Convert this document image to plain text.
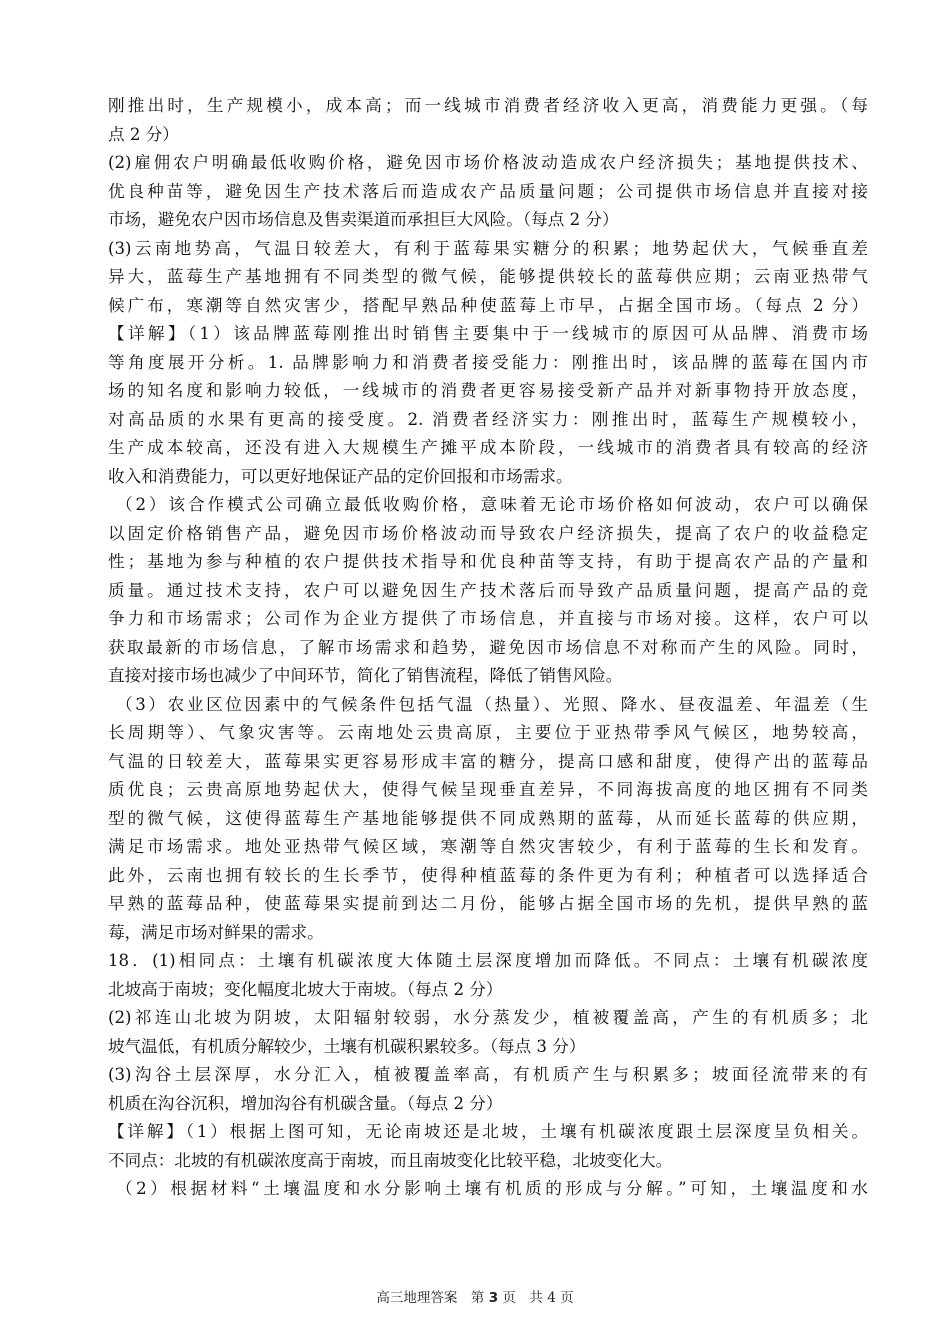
刚推出时，生产规模小，成本高；而一线城市消费者经济收入更高，消费能力更强。（每
点 2 分）
(2)雇佣农户明确最低收购价格，避免因市场价格波动造成农户经济损失；基地提供技术、
优良种苗等，避免因生产技术落后而造成农产品质量问题；公司提供市场信息并直接对接
市场，避免农户因市场信息及售卖渠道而承担巨大风险。（每点 2 分）
(3)云南地势高，气温日较差大，有利于蓝莓果实糖分的积累；地势起伏大，气候垂直差
异大，蓝莓生产基地拥有不同类型的微气候，能够提供较长的蓝莓供应期；云南亚热带气
候广布，寒潮等自然灾害少，搭配早熟品种使蓝莓上市早，占据全国市场。（每点 2 分）
【详解】（1）该品牌蓝莓刚推出时销售主要集中于一线城市的原因可从品牌、消费市场
等角度展开分析。1. 品牌影响力和消费者接受能力：刚推出时，该品牌的蓝莓在国内市
场的知名度和影响力较低，一线城市的消费者更容易接受新产品并对新事物持开放态度，
对高品质的水果有更高的接受度。2. 消费者经济实力：刚推出时，蓝莓生产规模较小，
生产成本较高，还没有进入大规模生产摊平成本阶段，一线城市的消费者具有较高的经济
收入和消费能力，可以更好地保证产品的定价回报和市场需求。
（2）该合作模式公司确立最低收购价格，意味着无论市场价格如何波动，农户可以确保
以固定价格销售产品，避免因市场价格波动而导致农户经济损失，提高了农户的收益稳定
性；基地为参与种植的农户提供技术指导和优良种苗等支持，有助于提高农产品的产量和
质量。通过技术支持，农户可以避免因生产技术落后而导致产品质量问题，提高产品的竞
争力和市场需求；公司作为企业方提供了市场信息，并直接与市场对接。这样，农户可以
获取最新的市场信息，了解市场需求和趋势，避免因市场信息不对称而产生的风险。同时，
直接对接市场也减少了中间环节，简化了销售流程，降低了销售风险。
（3）农业区位因素中的气候条件包括气温（热量）、光照、降水、昼夜温差、年温差（生
长周期等）、气象灾害等。云南地处云贵高原，主要位于亚热带季风气候区，地势较高，
气温的日较差大，蓝莓果实更容易形成丰富的糖分，提高口感和甜度，使得产出的蓝莓品
质优良；云贵高原地势起伏大，使得气候呈现垂直差异，不同海拔高度的地区拥有不同类
型的微气候，这使得蓝莓生产基地能够提供不同成熟期的蓝莓，从而延长蓝莓的供应期，
满足市场需求。地处亚热带气候区域，寒潮等自然灾害较少，有利于蓝莓的生长和发育。
此外，云南也拥有较长的生长季节，使得种植蓝莓的条件更为有利；种植者可以选择适合
早熟的蓝莓品种，使蓝莓果实提前到达二月份，能够占据全国市场的先机，提供早熟的蓝
莓，满足市场对鲜果的需求。
18．(1)相同点：土壤有机碳浓度大体随土层深度增加而降低。不同点：土壤有机碳浓度
北坡高于南坡；变化幅度北坡大于南坡。（每点 2 分）
(2)祁连山北坡为阴坡，太阳辐射较弱，水分蒸发少，植被覆盖高，产生的有机质多；北
坡气温低，有机质分解较少，土壤有机碳积累较多。（每点 3 分）
(3)沟谷土层深厚，水分汇入，植被覆盖率高，有机质产生与积累多；坡面径流带来的有
机质在沟谷沉积，增加沟谷有机碳含量。（每点 2 分）
【详解】（1）根据上图可知，无论南坡还是北坡，土壤有机碳浓度跟土层深度呈负相关。
不同点：北坡的有机碳浓度高于南坡，而且南坡变化比较平稳，北坡变化大。
（2）根据材料“土壤温度和水分影响土壤有机质的形成与分解。”可知，土壤温度和水
高三地理答案　第 3 页　共 4 页
